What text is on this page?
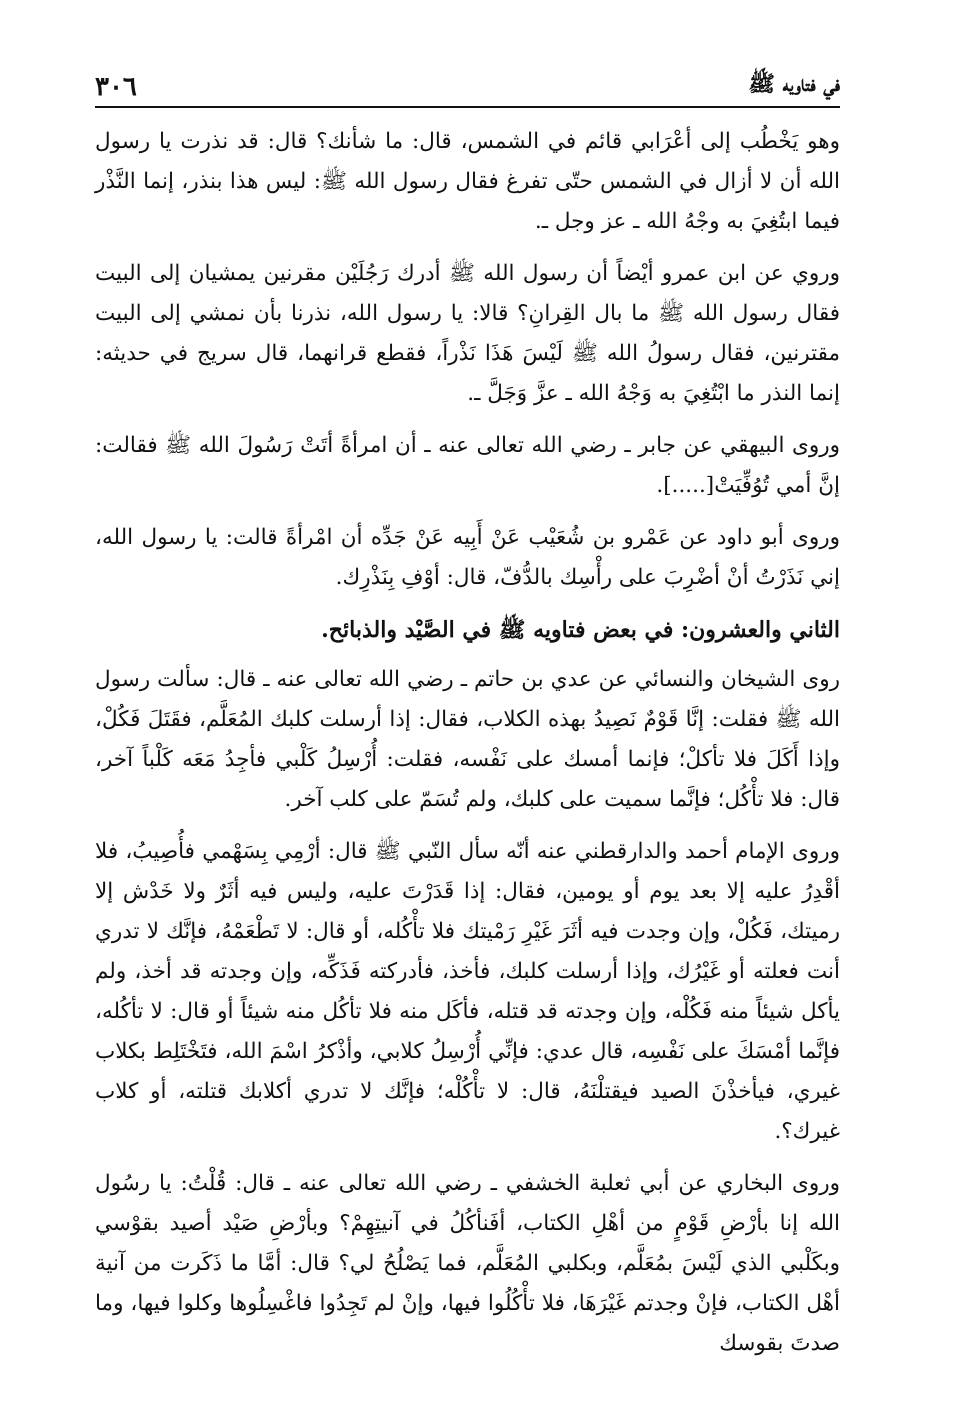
في فتاويه ﷺ
٣٠٦

وهو يَخْطُب إلى أعْرَابي قائم في الشمس، قال: ما شأنك؟ قال: قد نذرت يا رسول الله أن لا أزال في الشمس حتّى تفرغ فقال رسول الله ﷺ: ليس هذا بنذر، إنما النَّذْر فيما ابتُغِيَ به وجْهُ الله ـ عز وجل ـ.

وروي عن ابن عمرو أيْضاً أن رسول الله ﷺ أدرك رَجُلَيْن مقرنين يمشيان إلى البيت فقال رسول الله ﷺ ما بال القِرانِ؟ قالا: يا رسول الله، نذرنا بأن نمشي إلى البيت مقترنين، فقال رسولُ الله ﷺ لَيْسَ هَذَا نَذْراً، فقطع قرانهما، قال سريج في حديثه: إنما النذر ما ابْتُغِيَ به وَجْهُ الله ـ عزَّ وَجَلَّ ـ.

وروى البيهقي عن جابر ـ رضي الله تعالى عنه ـ أن امرأةً أتَتْ رَسُولَ الله ﷺ فقالت: إنَّ أمي تُوُفِّيَتْ[.....].

وروى أبو داود عن عَمْرو بن شُعَيْب عَنْ أَبِيه عَنْ جَدِّه أن امْرأةً قالت: يا رسول الله، إني نَذَرْتُ أنْ أضْرِبَ على رأْسِك بالدُّفّ، قال: أوْفِ بِنَذْرِك.

الثاني والعشرون: في بعض فتاويه ﷺ في الصَّيْد والذبائح.

روى الشيخان والنسائي عن عدي بن حاتم ـ رضي الله تعالى عنه ـ قال: سألت رسول الله ﷺ فقلت: إنَّا قَوْمٌ نَصِيدُ بهذه الكلاب، فقال: إذا أرسلت كلبك المُعَلَّم، فقَتَلَ فَكُلْ، وإذا أَكَلَ فلا تأكلْ؛ فإنما أمسك على نَفْسه، فقلت: أُرْسِلُ كَلْبي فأجِدُ مَعَه كَلْباً آخر، قال: فلا تأْكُل؛ فإنَّما سميت على كلبك، ولم تُسَمّ على كلب آخر.

وروى الإمام أحمد والدارقطني عنه أنّه سأل النّبي ﷺ قال: أرْمِي بِسَهْمي فأُصِيبُ، فلا أقْدِرُ عليه إلا بعد يوم أو يومين، فقال: إذا قَدَرْتَ عليه، وليس فيه أثَرٌ ولا خَدْش إلا رميتك، فَكُلْ، وإن وجدت فيه أثَرَ غَيْرِ رَمْيتك فلا تأْكُله، أو قال: لا تَطْعَمْهُ، فإنَّك لا تدري أنت فعلته أو غَيْرُك، وإذا أرسلت كلبك، فأخذ، فأدركته فَذَكِّه، وإن وجدته قد أخذ، ولم يأكل شيئاً منه فَكُلْه، وإن وجدته قد قتله، فأكَل منه فلا تأكُل منه شيئاً أو قال: لا تأكُله، فإنَّما أمْسَكَ على نَفْسِه، قال عدي: فإنِّي أُرْسِلُ كلابي، وأذْكرُ اسْمَ الله، فتَخْتَلِط بكلاب غيري، فيأخذْنَ الصيد فيقتلْنَهُ، قال: لا تأْكُلْه؛ فإنَّك لا تدري أكلابك قتلته، أو كلاب غيرك؟.

وروى البخاري عن أبي ثعلبة الخشفي ـ رضي الله تعالى عنه ـ قال: قُلْتُ: يا رسُول الله إنا بأرْضِ قَوْمٍ من أهْلِ الكتاب، أفَنأكُلُ في آنيتِهِمْ؟ وبأرْضِ صَيْد أصيد بقوْسي وبكَلْبي الذي لَيْسَ بمُعَلَّم، وبكلبي المُعَلَّم، فما يَصْلُحُ لي؟ قال: أمَّا ما ذَكَرت من آنية أهْل الكتاب، فإنْ وجدتم غَيْرَهَا، فلا تأْكُلُوا فيها، وإنْ لم تَجِدُوا فاغْسِلُوها وكلوا فيها، وما صدتَ بقوسك
